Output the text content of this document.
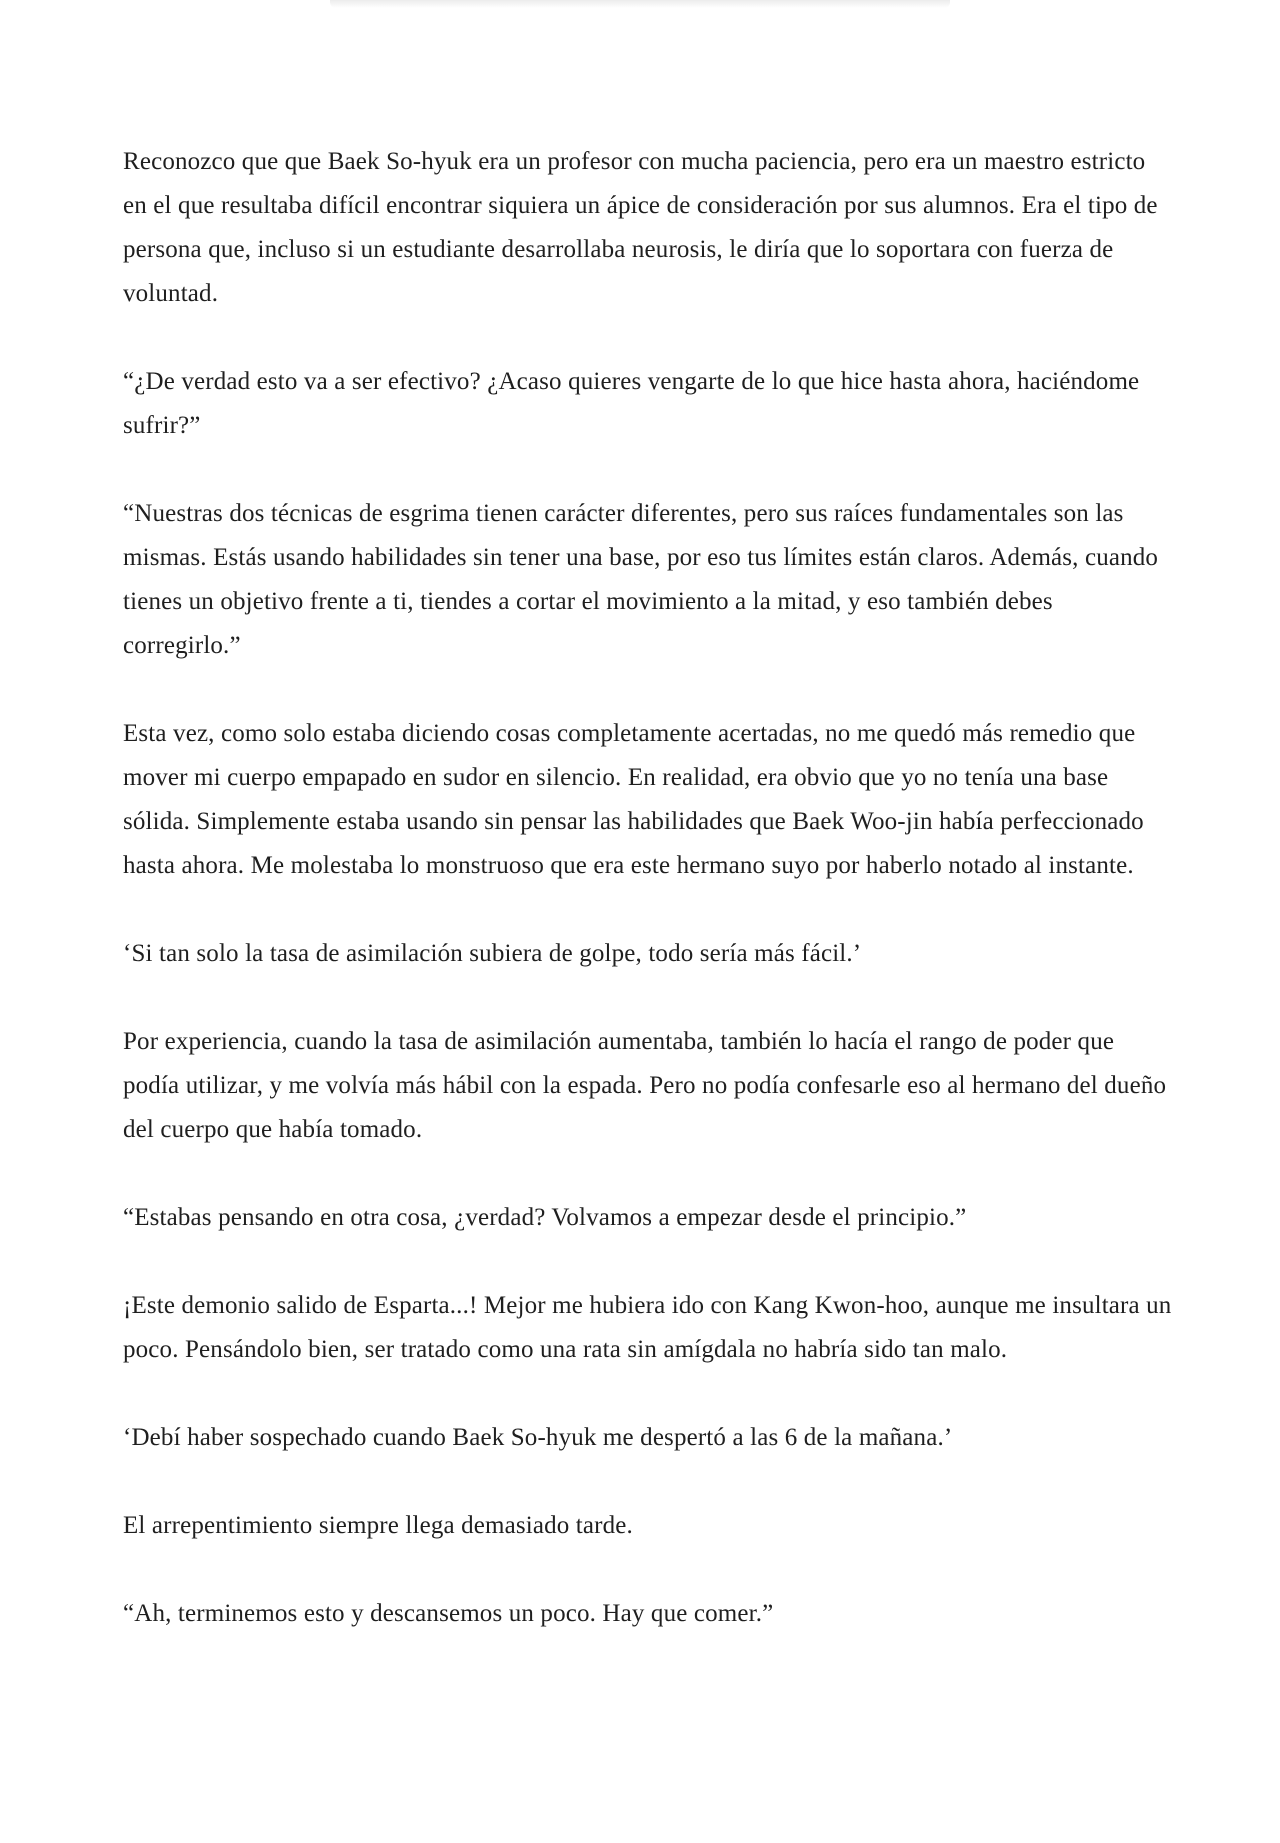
Reconozco que que Baek So-hyuk era un profesor con mucha paciencia, pero era un maestro estricto en el que resultaba difícil encontrar siquiera un ápice de consideración por sus alumnos. Era el tipo de persona que, incluso si un estudiante desarrollaba neurosis, le diría que lo soportara con fuerza de voluntad.

“¿De verdad esto va a ser efectivo? ¿Acaso quieres vengarte de lo que hice hasta ahora, haciéndome sufrir?”

“Nuestras dos técnicas de esgrima tienen carácter diferentes, pero sus raíces fundamentales son las mismas. Estás usando habilidades sin tener una base, por eso tus límites están claros. Además, cuando tienes un objetivo frente a ti, tiendes a cortar el movimiento a la mitad, y eso también debes corregirlo.”

Esta vez, como solo estaba diciendo cosas completamente acertadas, no me quedó más remedio que mover mi cuerpo empapado en sudor en silencio. En realidad, era obvio que yo no tenía una base sólida. Simplemente estaba usando sin pensar las habilidades que Baek Woo-jin había perfeccionado hasta ahora. Me molestaba lo monstruoso que era este hermano suyo por haberlo notado al instante.

‘Si tan solo la tasa de asimilación subiera de golpe, todo sería más fácil.’

Por experiencia, cuando la tasa de asimilación aumentaba, también lo hacía el rango de poder que podía utilizar, y me volvía más hábil con la espada. Pero no podía confesarle eso al hermano del dueño del cuerpo que había tomado.

“Estabas pensando en otra cosa, ¿verdad? Volvamos a empezar desde el principio.”

¡Este demonio salido de Esparta...! Mejor me hubiera ido con Kang Kwon-hoo, aunque me insultara un poco. Pensándolo bien, ser tratado como una rata sin amígdala no habría sido tan malo.

‘Debí haber sospechado cuando Baek So-hyuk me despertó a las 6 de la mañana.’

El arrepentimiento siempre llega demasiado tarde.

“Ah, terminemos esto y descansemos un poco. Hay que comer.”
